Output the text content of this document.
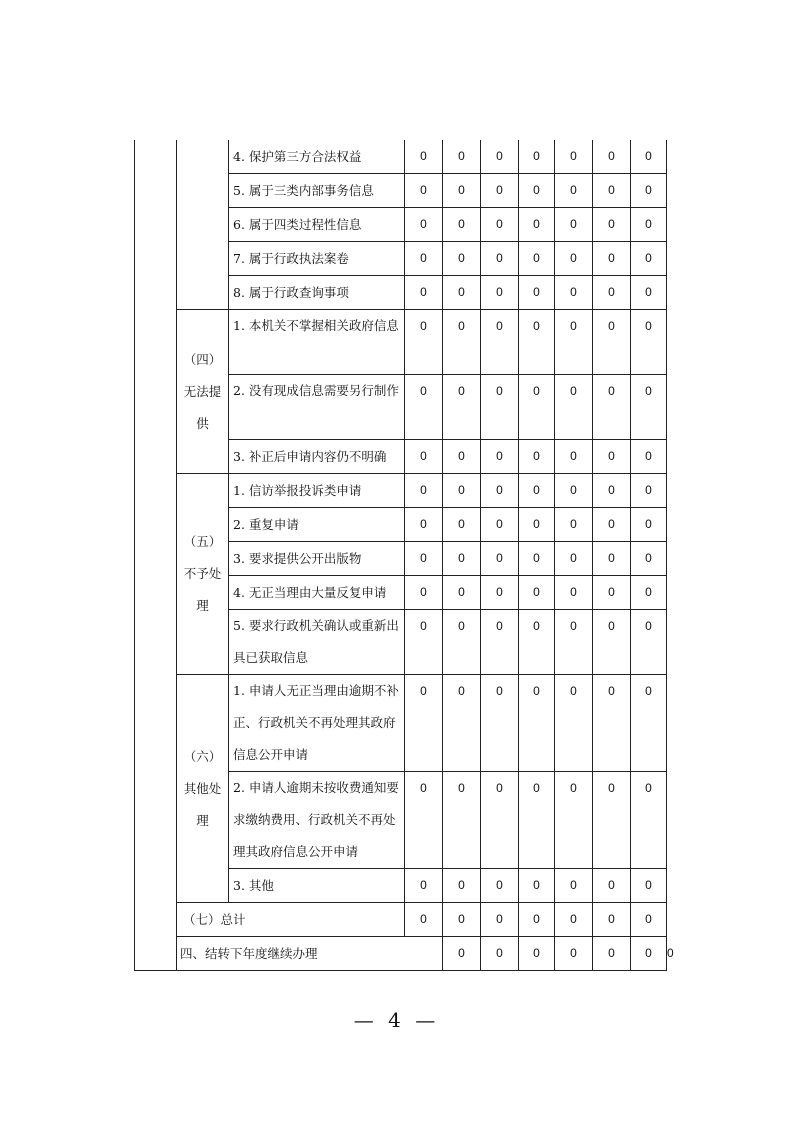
		4. 保护第三方合法权益	0	0	0	0	0	0	0	
		5. 属于三类内部事务信息	0	0	0	0	0	0	0	
		6. 属于四类过程性信息	0	0	0	0	0	0	0	
		7. 属于行政执法案卷	0	0	0	0	0	0	0	
		8. 属于行政查询事项	0	0	0	0	0	0	0	

	（四）
无法提
供	1. 本机关不掌握相关政府信息	0	0	0	0	0	0	0	
		2. 没有现成信息需要另行制作	0	0	0	0	0	0	0	
		3. 补正后申请内容仍不明确	0	0	0	0	0	0	0	

	（五）
不予处
理	1. 信访举报投诉类申请	0	0	0	0	0	0	0	
		2. 重复申请	0	0	0	0	0	0	0	
		3. 要求提供公开出版物	0	0	0	0	0	0	0	
		4. 无正当理由大量反复申请	0	0	0	0	0	0	0	
		5. 要求行政机关确认或重新出具已获取信息	0	0	0	0	0	0	0	

	（六）
其他处
理	1. 申请人无正当理由逾期不补正、行政机关不再处理其政府信息公开申请	0	0	0	0	0	0	0	
		2. 申请人逾期未按收费通知要求缴纳费用、行政机关不再处理其政府信息公开申请	0	0	0	0	0	0	0	
		3. 其他	0	0	0	0	0	0	0	
	（七）总计		0	0	0	0	0	0	0	
	四、结转下年度继续办理			0	0	0	0	0	0	0
— 4 —
